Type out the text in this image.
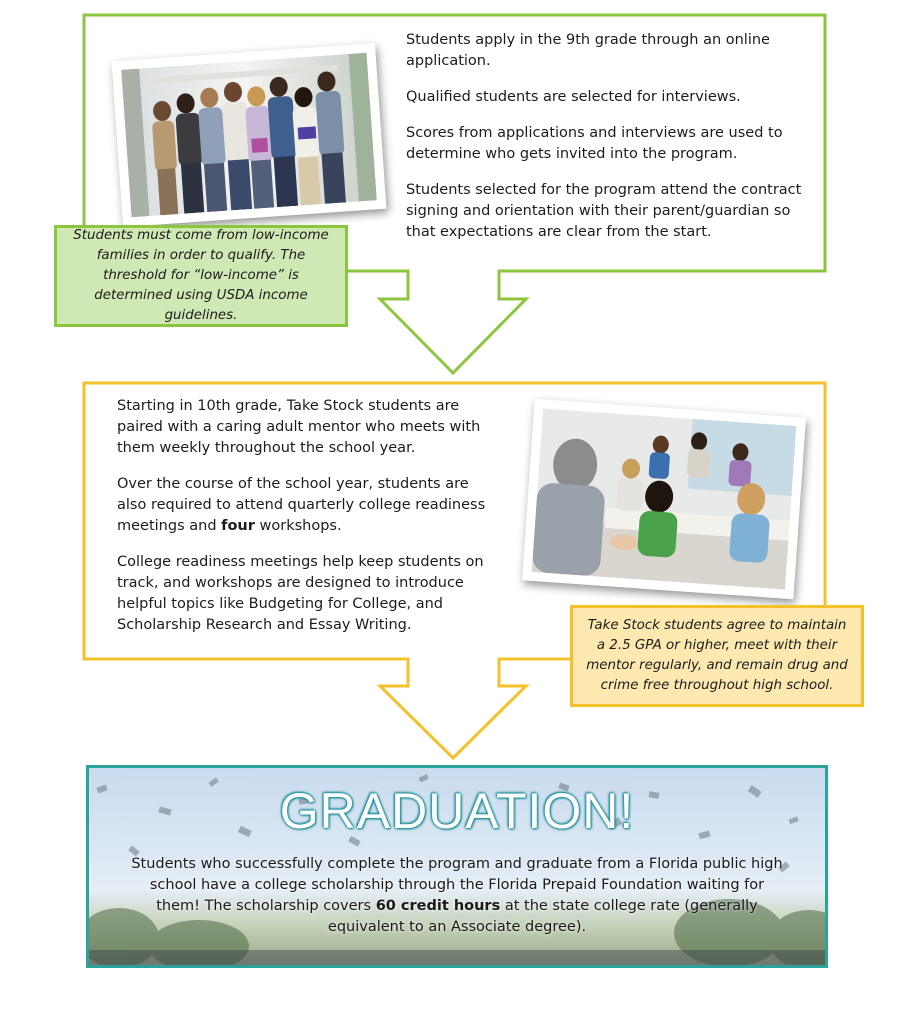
Students apply in the 9th grade through an online application.

Qualified students are selected for interviews.

Scores from applications and interviews are used to determine who gets invited into the program.

Students selected for the program attend the contract signing and orientation with their parent/guardian so that expectations are clear from the start.

Students must come from low-income families in order to qualify. The threshold for “low-income” is determined using USDA income guidelines.

Starting in 10th grade, Take Stock students are paired with a caring adult mentor who meets with them weekly throughout the school year.

Over the course of the school year, students are also required to attend quarterly college readiness meetings and four workshops.

College readiness meetings help keep students on track, and workshops are designed to introduce helpful topics like Budgeting for College, and Scholarship Research and Essay Writing.	Take Stock students agree to maintain a 2.5 GPA or higher, meet with their mentor regularly, and remain drug and crime free throughout high school.
GRADUATION!
Students who successfully complete the program and graduate from a Florida public high school have a college scholarship through the Florida Prepaid Foundation waiting for them! The scholarship covers 60 credit hours at the state college rate (generally equivalent to an Associate degree).
